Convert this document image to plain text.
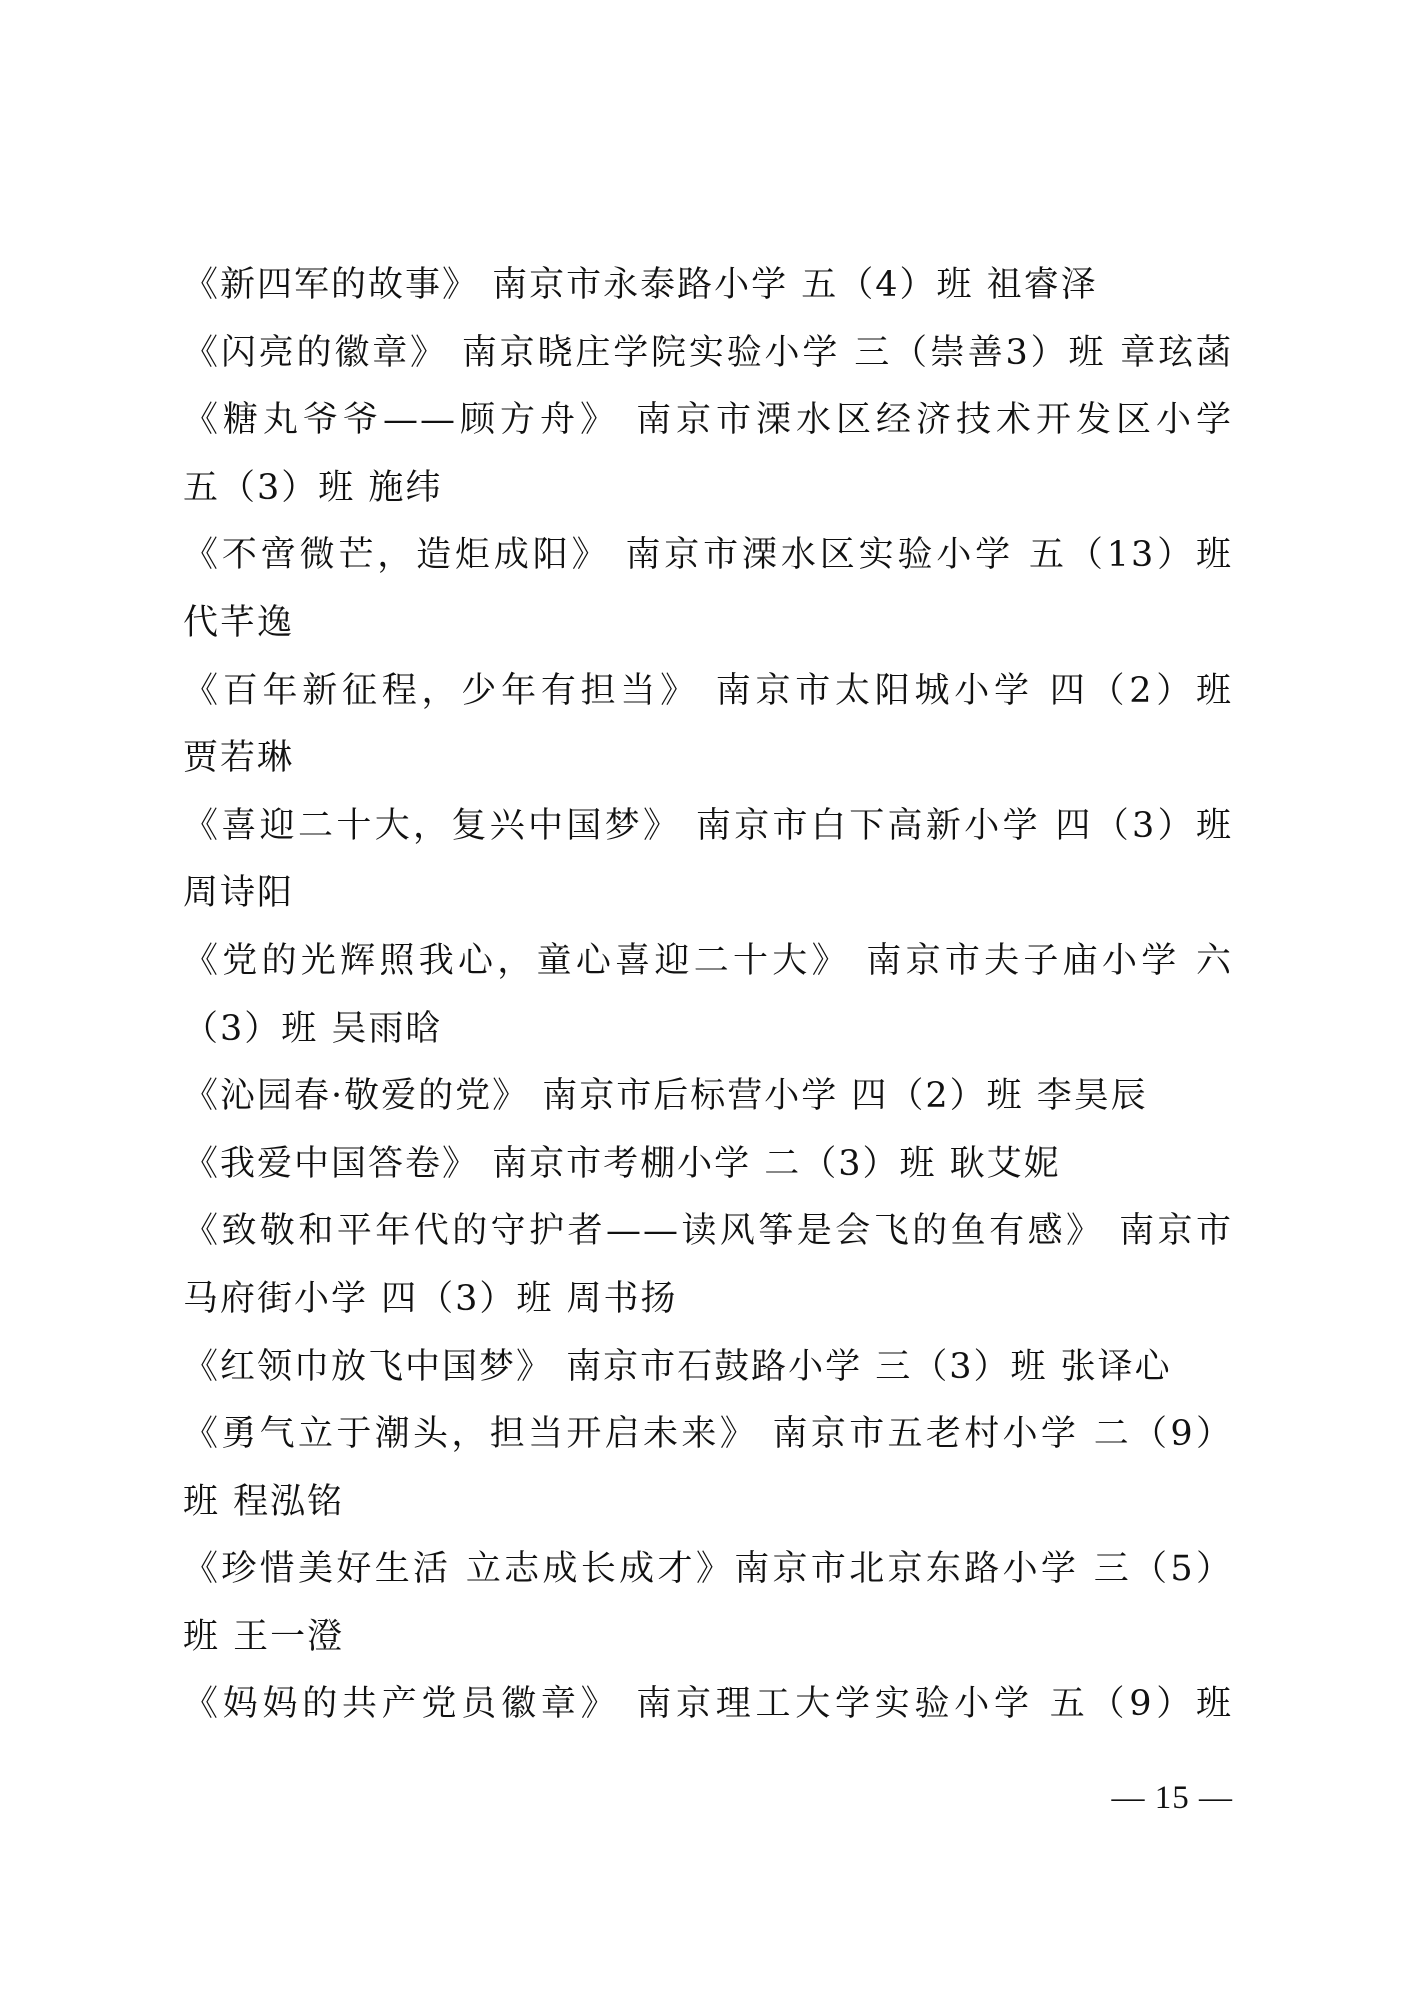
《新四军的故事》 南京市永泰路小学 五（4）班 祖睿泽
《闪亮的徽章》 南京晓庄学院实验小学 三（崇善3）班 章玹菡
《糖丸爷爷——顾方舟》 南京市溧水区经济技术开发区小学
五（3）班 施纬
《不啻微芒，造炬成阳》 南京市溧水区实验小学 五（13）班
代芊逸
《百年新征程，少年有担当》 南京市太阳城小学 四（2）班
贾若琳
《喜迎二十大，复兴中国梦》 南京市白下高新小学 四（3）班
周诗阳
《党的光辉照我心，童心喜迎二十大》 南京市夫子庙小学 六
（3）班 吴雨晗
《沁园春·敬爱的党》 南京市后标营小学 四（2）班 李昊辰
《我爱中国答卷》 南京市考棚小学 二（3）班 耿艾妮
《致敬和平年代的守护者——读风筝是会飞的鱼有感》 南京市
马府街小学 四（3）班 周书扬
《红领巾放飞中国梦》 南京市石鼓路小学 三（3）班 张译心
《勇气立于潮头，担当开启未来》 南京市五老村小学 二（9）
班 程泓铭
《珍惜美好生活 立志成长成才》南京市北京东路小学 三（5）
班 王一澄
《妈妈的共产党员徽章》 南京理工大学实验小学 五（9）班
— 15 —
